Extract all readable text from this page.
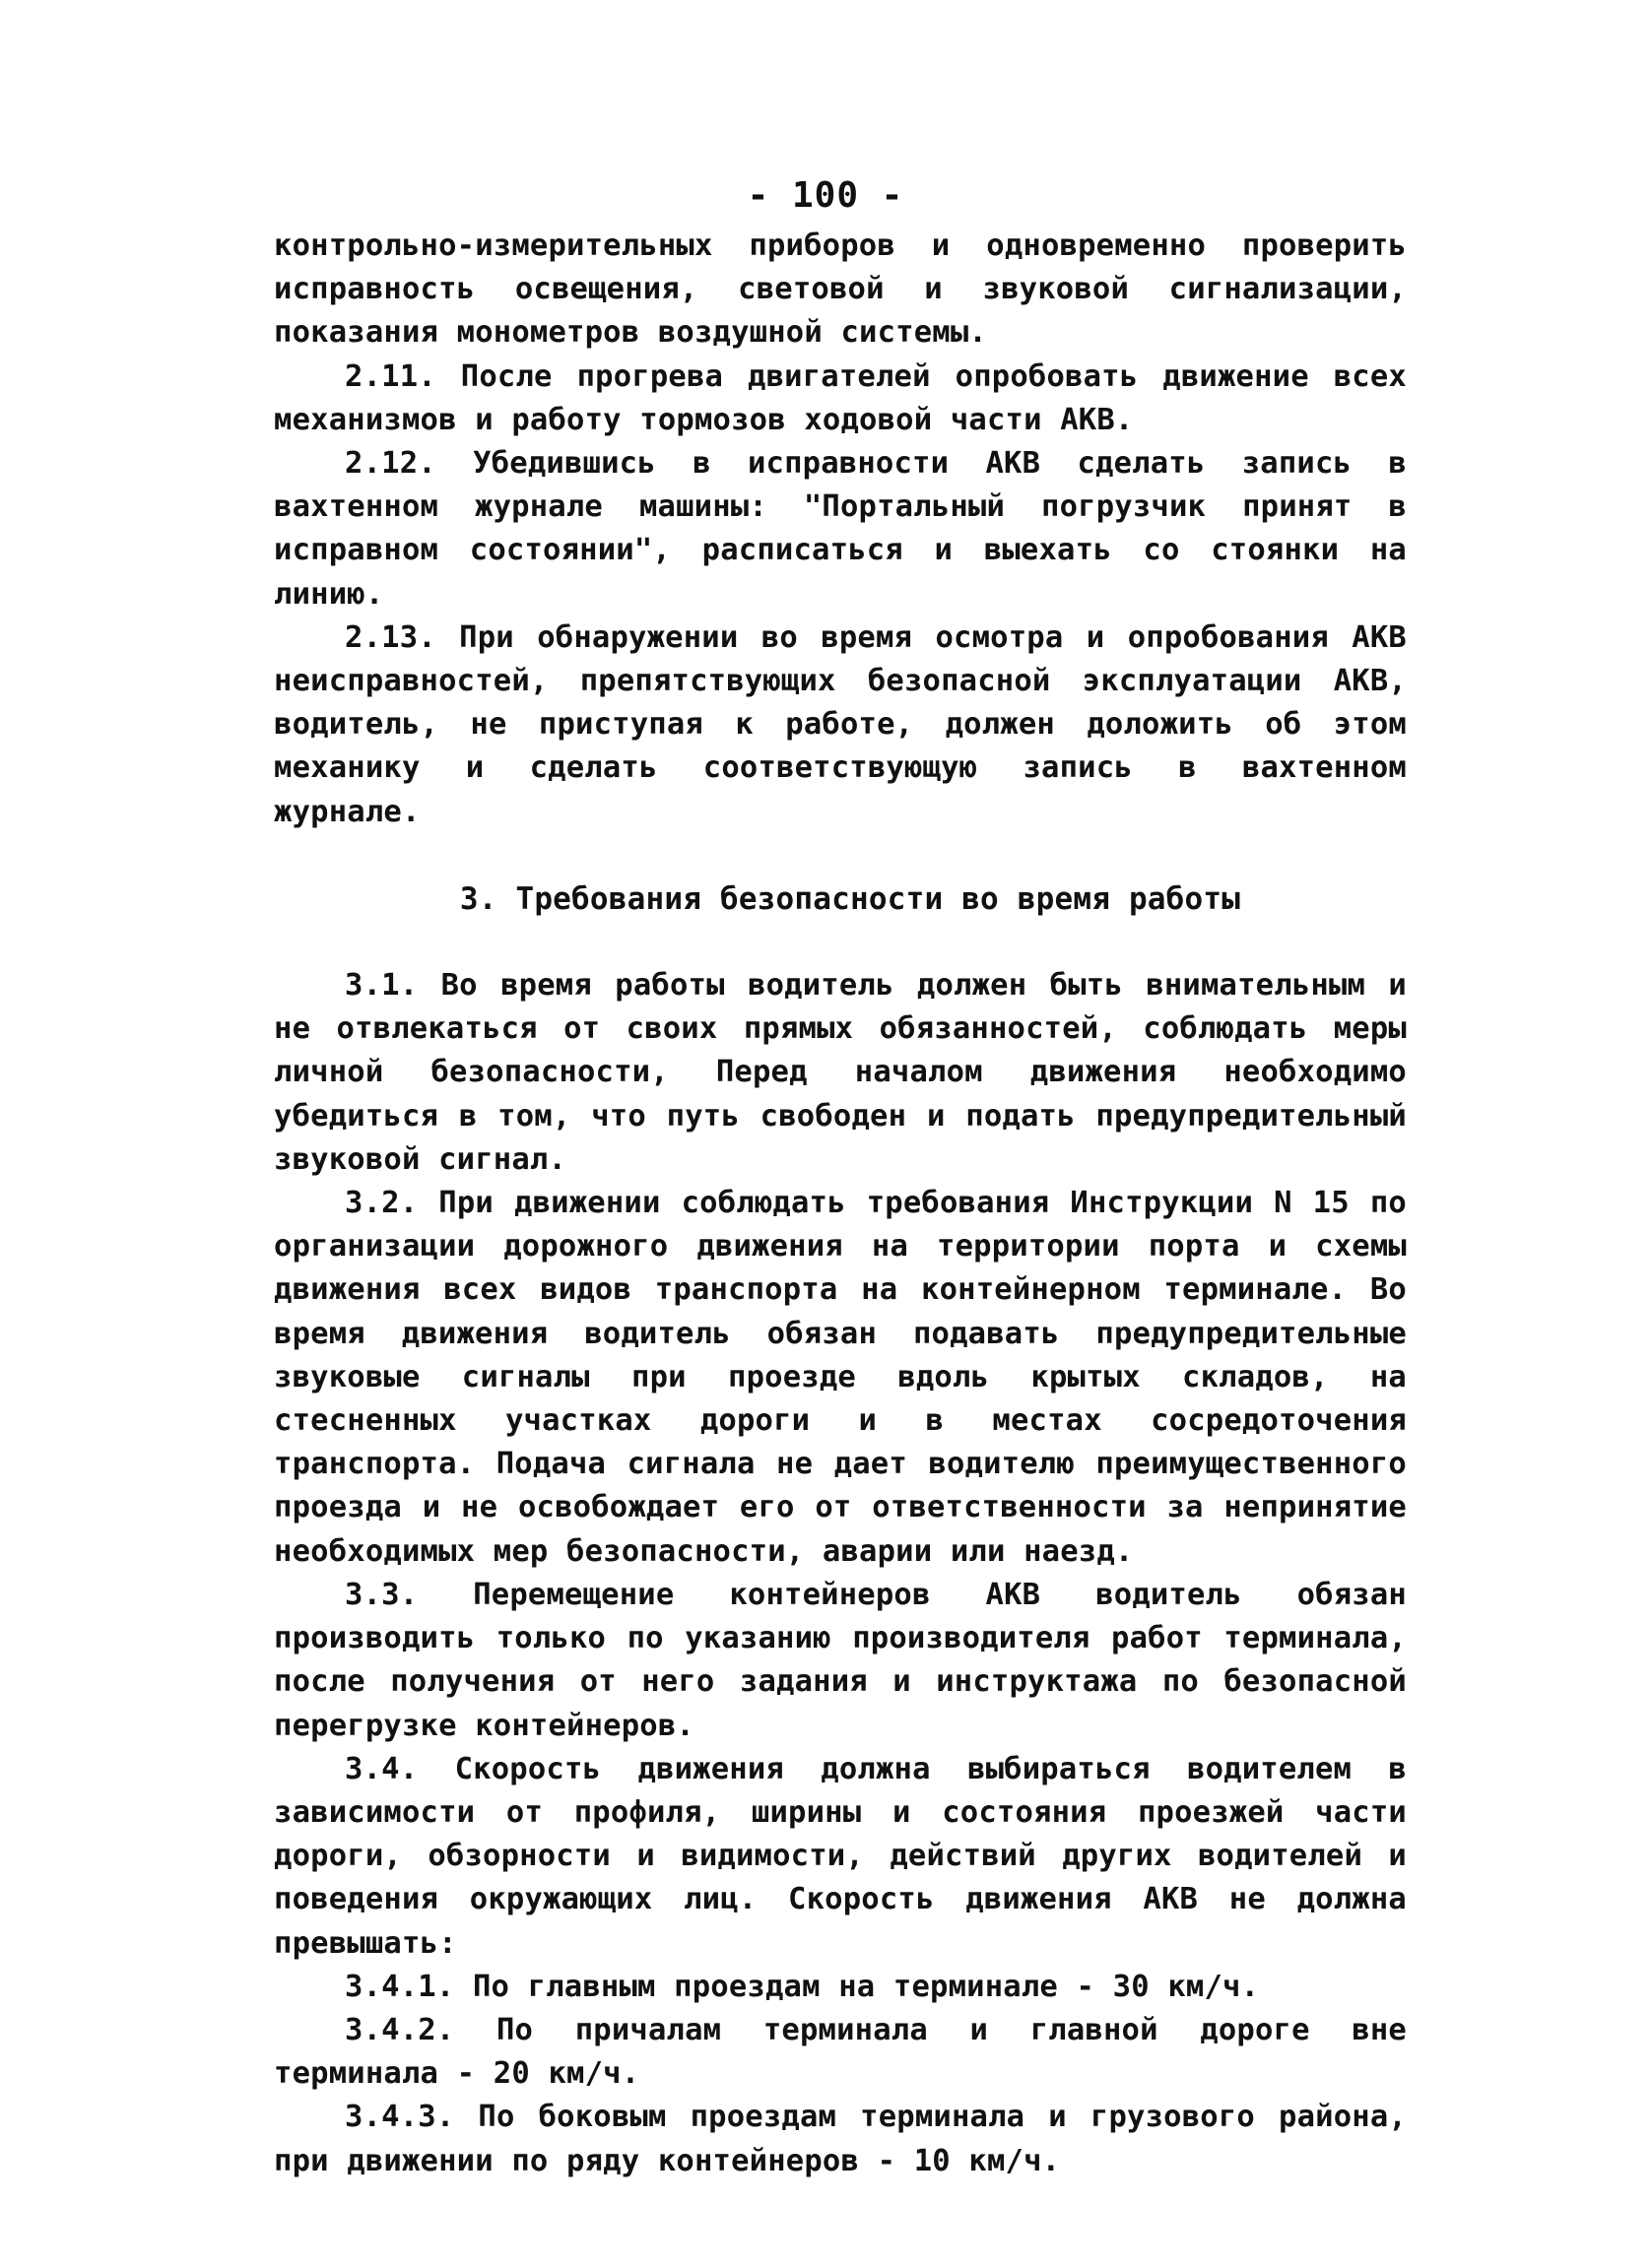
- 100 -

контрольно-измерительных приборов и одновременно проверить исправность освещения, световой и звуковой сигнализации, показания монометров воздушной системы.

2.11. После прогрева двигателей опробовать движение всех механизмов и работу тормозов ходовой части АКВ.

2.12. Убедившись в исправности АКВ сделать запись в вахтенном журнале машины: "Портальный погрузчик принят в исправном состоянии", расписаться и выехать со стоянки на линию.

2.13. При обнаружении во время осмотра и опробования АКВ неисправностей, препятствующих безопасной эксплуатации АКВ, водитель, не приступая к работе, должен доложить об этом механику и сделать соответствующую запись в вахтенном журнале.

3. Требования безопасности во время работы

3.1. Во время работы водитель должен быть внимательным и не отвлекаться от своих прямых обязанностей, соблюдать меры личной безопасности, Перед началом движения необходимо убедиться в том, что путь свободен и подать предупредительный звуковой сигнал.

3.2. При движении соблюдать требования Инструкции N 15 по организации дорожного движения на территории порта и схемы движения всех видов транспорта на контейнерном терминале. Во время движения водитель обязан подавать предупредительные звуковые сигналы при проезде вдоль крытых складов, на стесненных участках дороги и в местах сосредоточения транспорта. Подача сигнала не дает водителю преимущественного проезда и не освобождает его от ответственности за непринятие необходимых мер безопасности, аварии или наезд.

3.3. Перемещение контейнеров АКВ водитель обязан производить только по указанию производителя работ терминала, после получения от него задания и инструктажа по безопасной перегрузке контейнеров.

3.4. Скорость движения должна выбираться водителем в зависимости от профиля, ширины и состояния проезжей части дороги, обзорности и видимости, действий других водителей и поведения окружающих лиц. Скорость движения АКВ не должна превышать:

3.4.1. По главным проездам на терминале - 30 км/ч.

3.4.2. По причалам терминала и главной дороге вне терминала - 20 км/ч.

3.4.3. По боковым проездам терминала и грузового района, при движении по ряду контейнеров - 10 км/ч.
